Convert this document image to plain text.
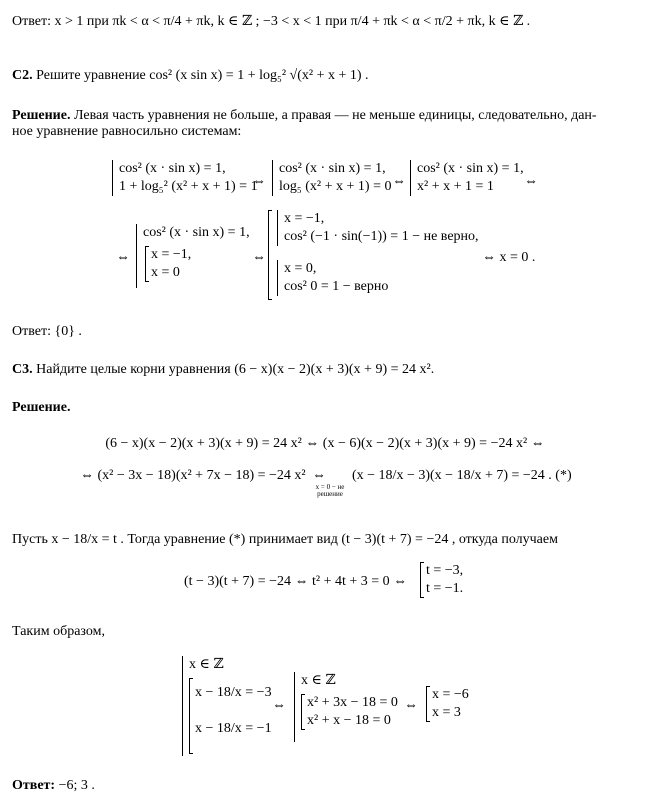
Ответ: x > 1 при πk < α < π/4 + πk, k ∈ ℤ ; −3 < x < 1 при π/4 + πk < α < π/2 + πk, k ∈ ℤ .
С2. Решите уравнение cos² (x sin x) = 1 + log₅² √(x² + x + 1) .
Решение. Левая часть уравнения не больше, а правая — не меньше единицы, следовательно, дан-
ное уравнение равносильно системам:
cos² (x · sin x) = 1,
1 + log₅² (x² + x + 1) = 1
⇔
cos² (x · sin x) = 1,
log₅ (x² + x + 1) = 0 ⇔
cos² (x · sin x) = 1,
x² + x + 1 = 1	⇔
⇔
cos² (x · sin x) = 1,
x = −1,
x = 0
⇔
x = −1,
cos² (−1 · sin(−1)) = 1 − не верно,
x = 0,
cos² 0 = 1 − верно
⇔ x = 0 .
Ответ: {0} .
С3. Найдите целые корни уравнения (6 − x)(x − 2)(x + 3)(x + 9) = 24 x².
Решение.
(6 − x)(x − 2)(x + 3)(x + 9) = 24 x² ⇔ (x − 6)(x − 2)(x + 3)(x + 9) = −24 x² ⇔
⇔ (x² − 3x − 18)(x² + 7x − 18) = −24 x² ⇔
x = 0 − не решение
(x − 18/x − 3)(x − 18/x + 7) = −24 . (*)
Пусть x − 18/x = t . Тогда уравнение (*) принимает вид (t − 3)(t + 7) = −24 , откуда получаем
(t − 3)(t + 7) = −24 ⇔ t² + 4t + 3 = 0 ⇔
t = −3,
t = −1.
Таким образом,
x ∈ ℤ
x − 18/x = −3
x − 18/x = −1
⇔
x ∈ ℤ
x² + 3x − 18 = 0
x² + x − 18 = 0
⇔
x = −6
x = 3
Ответ: −6; 3 .
